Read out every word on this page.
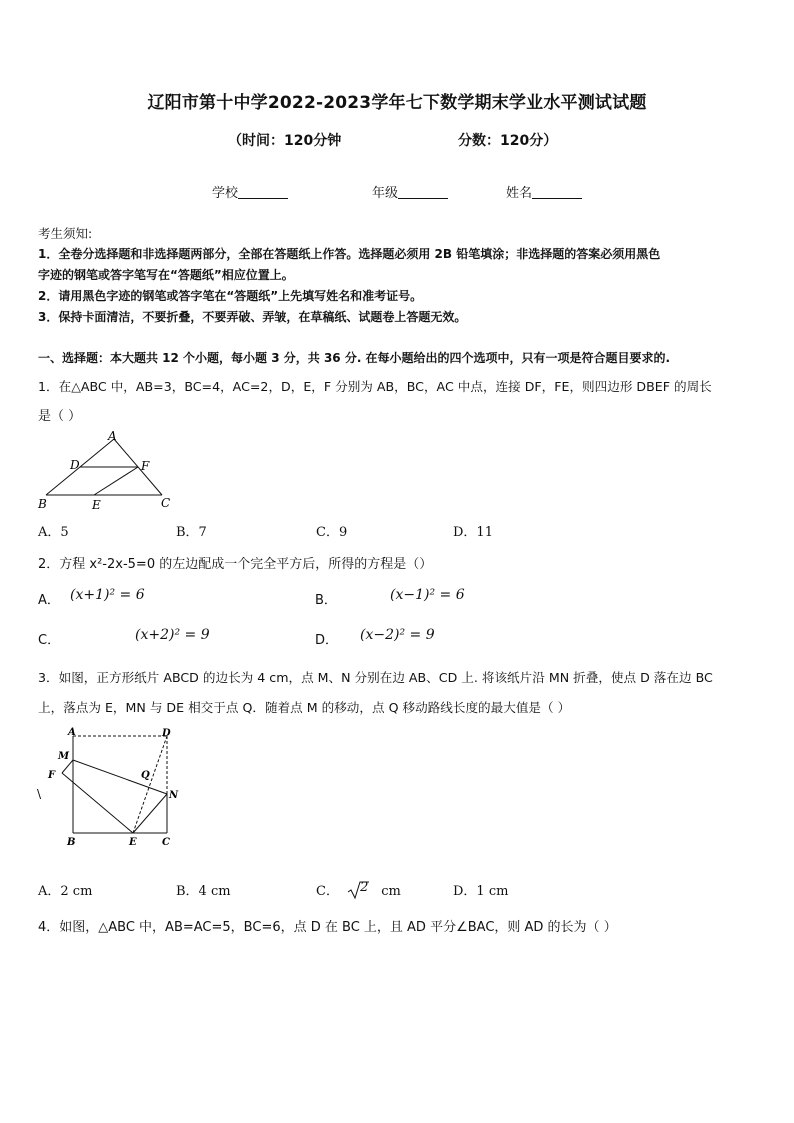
辽阳市第十中学2022-2023学年七下数学期末学业水平测试试题
（时间：120分钟	分数：120分）
学校	年级	姓名
考生须知:
1．全卷分选择题和非选择题两部分，全部在答题纸上作答。选择题必须用 2B 铅笔填涂；非选择题的答案必须用黑色
字迹的钢笔或答字笔写在“答题纸”相应位置上。
2．请用黑色字迹的钢笔或答字笔在“答题纸”上先填写姓名和准考证号。
3．保持卡面清洁，不要折叠，不要弄破、弄皱，在草稿纸、试题卷上答题无效。
一、选择题：本大题共 12 个小题，每小题 3 分，共 36 分. 在每小题给出的四个选项中，只有一项是符合题目要求的.
1．在△ABC 中，AB=3，BC=4，AC=2，D，E，F 分别为 AB，BC，AC 中点，连接 DF，FE，则四边形 DBEF 的周长
是（ ）
A
D	F
B	E	C
A．5	B．7	C．9	D．11
2．方程 x²-2x-5=0 的左边配成一个完全平方后，所得的方程是（）
A． (x+1)² = 6	B．	(x−1)² = 6
C．	(x+2)² = 9	D． (x−2)² = 9
3．如图，正方形纸片 ABCD 的边长为 4 cm，点 M、N 分别在边 AB、CD 上. 将该纸片沿 MN 折叠，使点 D 落在边 BC
上，落点为 E，MN 与 DE 相交于点 Q．随着点 M 的移动，点 Q 移动路线长度的最大值是（ ）
A	D
M
F	Q
N
B	E	C
\
A．2 cm	B．4 cm	C． 2 cm	D．1 cm
4．如图，△ABC 中，AB=AC=5，BC=6，点 D 在 BC 上，且 AD 平分∠BAC，则 AD 的长为（ ）
